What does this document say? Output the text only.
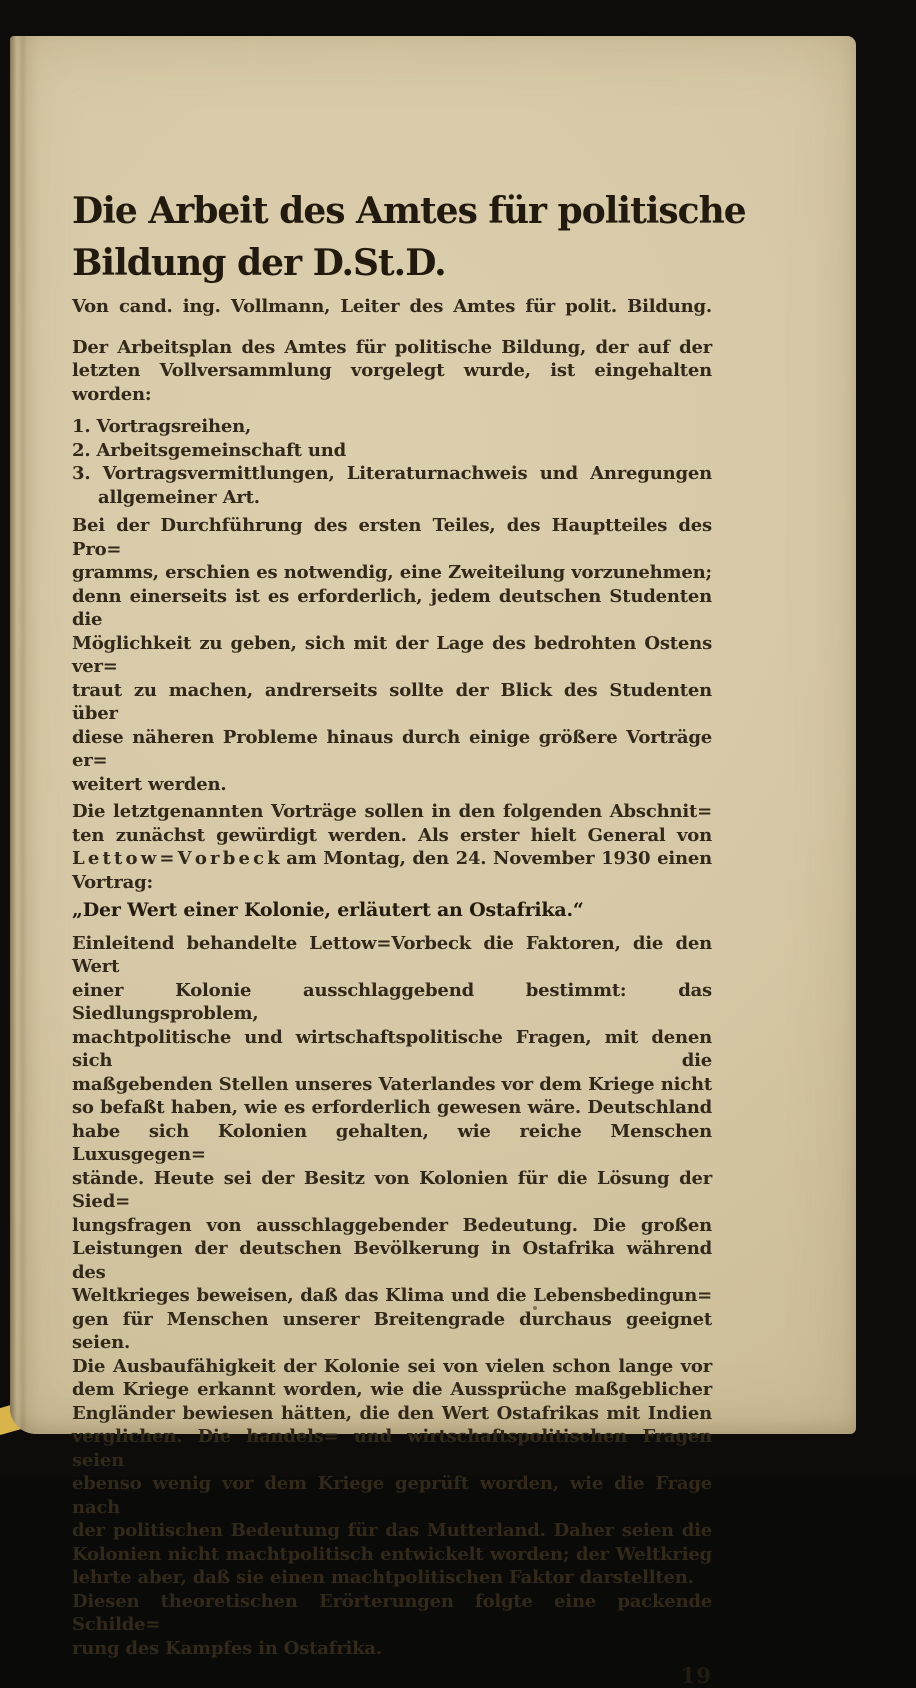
Die Arbeit des Amtes für politische
Bildung der D.St.D.

Von cand. ing. Vollmann, Leiter des Amtes für polit. Bildung.

Der Arbeitsplan des Amtes für politische Bildung, der auf der
letzten Vollversammlung vorgelegt wurde, ist eingehalten worden:
1. Vortragsreihen,
2. Arbeitsgemeinschaft und
3. Vortragsvermittlungen, Literaturnachweis und Anregungen
allgemeiner Art.
Bei der Durchführung des ersten Teiles, des Hauptteiles des Pro=
gramms, erschien es notwendig, eine Zweiteilung vorzunehmen;
denn einerseits ist es erforderlich, jedem deutschen Studenten die
Möglichkeit zu geben, sich mit der Lage des bedrohten Ostens ver=
traut zu machen, andrerseits sollte der Blick des Studenten über
diese näheren Probleme hinaus durch einige größere Vorträge er=
weitert werden.
Die letztgenannten Vorträge sollen in den folgenden Abschnit=
ten zunächst gewürdigt werden. Als erster hielt General von
L e t t o w = V o r b e c k am Montag, den 24. November 1930 einen
Vortrag:
„Der Wert einer Kolonie, erläutert an Ostafrika.“
Einleitend behandelte Lettow=Vorbeck die Faktoren, die den Wert
einer Kolonie ausschlaggebend bestimmt: das Siedlungsproblem,
machtpolitische und wirtschaftspolitische Fragen, mit denen sich die
maßgebenden Stellen unseres Vaterlandes vor dem Kriege nicht
so befaßt haben, wie es erforderlich gewesen wäre. Deutschland
habe sich Kolonien gehalten, wie reiche Menschen Luxusgegen=
stände. Heute sei der Besitz von Kolonien für die Lösung der Sied=
lungsfragen von ausschlaggebender Bedeutung. Die großen
Leistungen der deutschen Bevölkerung in Ostafrika während des
Weltkrieges beweisen, daß das Klima und die Lebensbedingun=
gen für Menschen unserer Breitengrade durchaus geeignet seien.
Die Ausbaufähigkeit der Kolonie sei von vielen schon lange vor
dem Kriege erkannt worden, wie die Aussprüche maßgeblicher
Engländer bewiesen hätten, die den Wert Ostafrikas mit Indien
verglichen. Die handels= und wirtschaftspolitischen Fragen seien
ebenso wenig vor dem Kriege geprüft worden, wie die Frage nach
der politischen Bedeutung für das Mutterland. Daher seien die
Kolonien nicht machtpolitisch entwickelt worden; der Weltkrieg
lehrte aber, daß sie einen machtpolitischen Faktor darstellten.
Diesen theoretischen Erörterungen folgte eine packende Schilde=
rung des Kampfes in Ostafrika.
19
